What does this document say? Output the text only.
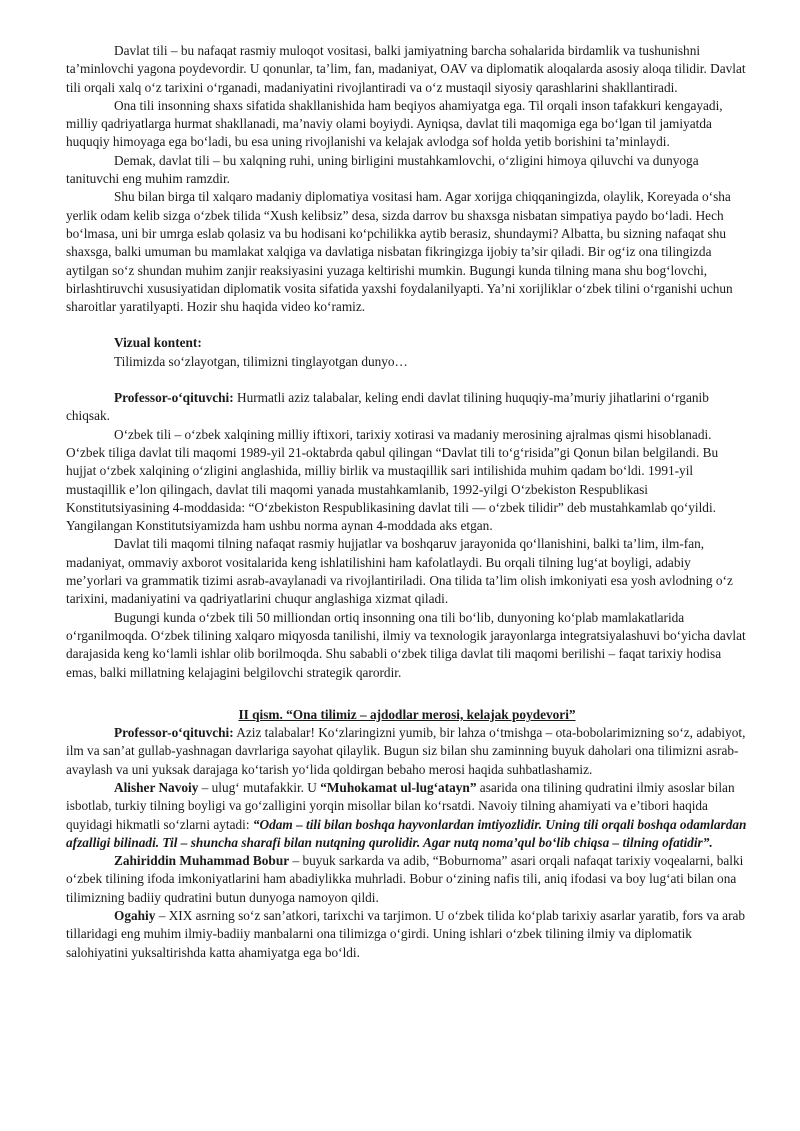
Davlat tili – bu nafaqat rasmiy muloqot vositasi, balki jamiyatning barcha sohalarida birdamlik va tushunishni ta’minlovchi yagona poydevordir. U qonunlar, ta’lim, fan, madaniyat, OAV va diplomatik aloqalarda asosiy aloqa tilidir. Davlat tili orqali xalq o‘z tarixini o‘rganadi, madaniyatini rivojlantiradi va o‘z mustaqil siyosiy qarashlarini shakllantiradi.

Ona tili insonning shaxs sifatida shakllanishida ham beqiyos ahamiyatga ega. Til orqali inson tafakkuri kengayadi, milliy qadriyatlarga hurmat shakllanadi, ma’naviy olami boyiydi. Ayniqsa, davlat tili maqomiga ega bo‘lgan til jamiyatda huquqiy himoyaga ega bo‘ladi, bu esa uning rivojlanishi va kelajak avlodga sof holda yetib borishini ta’minlaydi.

Demak, davlat tili – bu xalqning ruhi, uning birligini mustahkamlovchi, o‘zligini himoya qiluvchi va dunyoga tanituvchi eng muhim ramzdir.

Shu bilan birga til xalqaro madaniy diplomatiya vositasi ham. Agar xorijga chiqqaningizda, olaylik, Koreyada o‘sha yerlik odam kelib sizga o‘zbek tilida “Xush kelibsiz” desa, sizda darrov bu shaxsga nisbatan simpatiya paydo bo‘ladi. Hech bo‘lmasa, uni bir umrga eslab qolasiz va bu hodisani ko‘pchilikka aytib berasiz, shundaymi? Albatta, bu sizning nafaqat shu shaxsga, balki umuman bu mamlakat xalqiga va davlatiga nisbatan fikringizga ijobiy ta’sir qiladi. Bir og‘iz ona tilingizda aytilgan so‘z shundan muhim zanjir reaksiyasini yuzaga keltirishi mumkin. Bugungi kunda tilning mana shu bog‘lovchi, birlashtiruvchi xususiyatidan diplomatik vosita sifatida yaxshi foydalanilyapti. Ya’ni xorijliklar o‘zbek tilini o‘rganishi uchun sharoitlar yaratilyapti. Hozir shu haqida video ko‘ramiz.

Vizual kontent:

Tilimizda so‘zlayotgan, tilimizni tinglayotgan dunyo…

Professor-o‘qituvchi: Hurmatli aziz talabalar, keling endi davlat tilining huquqiy-ma’muriy jihatlarini o‘rganib chiqsak.

O‘zbek tili – o‘zbek xalqining milliy iftixori, tarixiy xotirasi va madaniy merosining ajralmas qismi hisoblanadi. O‘zbek tiliga davlat tili maqomi 1989-yil 21-oktabrda qabul qilingan “Davlat tili to‘g‘risida”gi Qonun bilan belgilandi. Bu hujjat o‘zbek xalqining o‘zligini anglashida, milliy birlik va mustaqillik sari intilishida muhim qadam bo‘ldi. 1991-yil mustaqillik e’lon qilingach, davlat tili maqomi yanada mustahkamlanib, 1992-yilgi O‘zbekiston Respublikasi Konstitutsiyasining 4-moddasida: “O‘zbekiston Respublikasining davlat tili — o‘zbek tilidir” deb mustahkamlab qo‘yildi. Yangilangan Konstitutsiyamizda ham ushbu norma aynan 4-moddada aks etgan.

Davlat tili maqomi tilning nafaqat rasmiy hujjatlar va boshqaruv jarayonida qo‘llanishini, balki ta’lim, ilm-fan, madaniyat, ommaviy axborot vositalarida keng ishlatilishini ham kafolatlaydi. Bu orqali tilning lug‘at boyligi, adabiy me’yorlari va grammatik tizimi asrab-avaylanadi va rivojlantiriladi. Ona tilida ta’lim olish imkoniyati esa yosh avlodning o‘z tarixini, madaniyatini va qadriyatlarini chuqur anglashiga xizmat qiladi.

Bugungi kunda o‘zbek tili 50 milliondan ortiq insonning ona tili bo‘lib, dunyoning ko‘plab mamlakatlarida o‘rganilmoqda. O‘zbek tilining xalqaro miqyosda tanilishi, ilmiy va texnologik jarayonlarga integratsiyalashuvi bo‘yicha davlat darajasida keng ko‘lamli ishlar olib borilmoqda. Shu sababli o‘zbek tiliga davlat tili maqomi berilishi – faqat tarixiy hodisa emas, balki millatning kelajagini belgilovchi strategik qarordir.

II qism. “Ona tilimiz – ajdodlar merosi, kelajak poydevori”

Professor-o‘qituvchi: Aziz talabalar! Ko‘zlaringizni yumib, bir lahza o‘tmishga – ota-bobolarimizning so‘z, adabiyot, ilm va san’at gullab-yashnagan davrlariga sayohat qilaylik. Bugun siz bilan shu zaminning buyuk daholari ona tilimizni asrab-avaylash va uni yuksak darajaga ko‘tarish yo‘lida qoldirgan bebaho merosi haqida suhbatlashamiz.

Alisher Navoiy – ulug‘ mutafakkir. U “Muhokamat ul-lug‘atayn” asarida ona tilining qudratini ilmiy asoslar bilan isbotlab, turkiy tilning boyligi va go‘zalligini yorqin misollar bilan ko‘rsatdi. Navoiy tilning ahamiyati va e’tibori haqida quyidagi hikmatli so‘zlarni aytadi: “Odam – tili bilan boshqa hayvonlardan imtiyozlidir. Uning tili orqali boshqa odamlardan afzalligi bilinadi. Til – shuncha sharafi bilan nutqning qurolidir. Agar nutq noma’qul bo‘lib chiqsa – tilning ofatidir”.

Zahiriddin Muhammad Bobur – buyuk sarkarda va adib, “Boburnoma” asari orqali nafaqat tarixiy voqealarni, balki o‘zbek tilining ifoda imkoniyatlarini ham abadiylikka muhrladi. Bobur o‘zining nafis tili, aniq ifodasi va boy lug‘ati bilan ona tilimizning badiiy qudratini butun dunyoga namoyon qildi.

Ogahiy – XIX asrning so‘z san’atkori, tarixchi va tarjimon. U o‘zbek tilida ko‘plab tarixiy asarlar yaratib, fors va arab tillaridagi eng muhim ilmiy-badiiy manbalarni ona tilimizga o‘girdi. Uning ishlari o‘zbek tilining ilmiy va diplomatik salohiyatini yuksaltirishda katta ahamiyatga ega bo‘ldi.
